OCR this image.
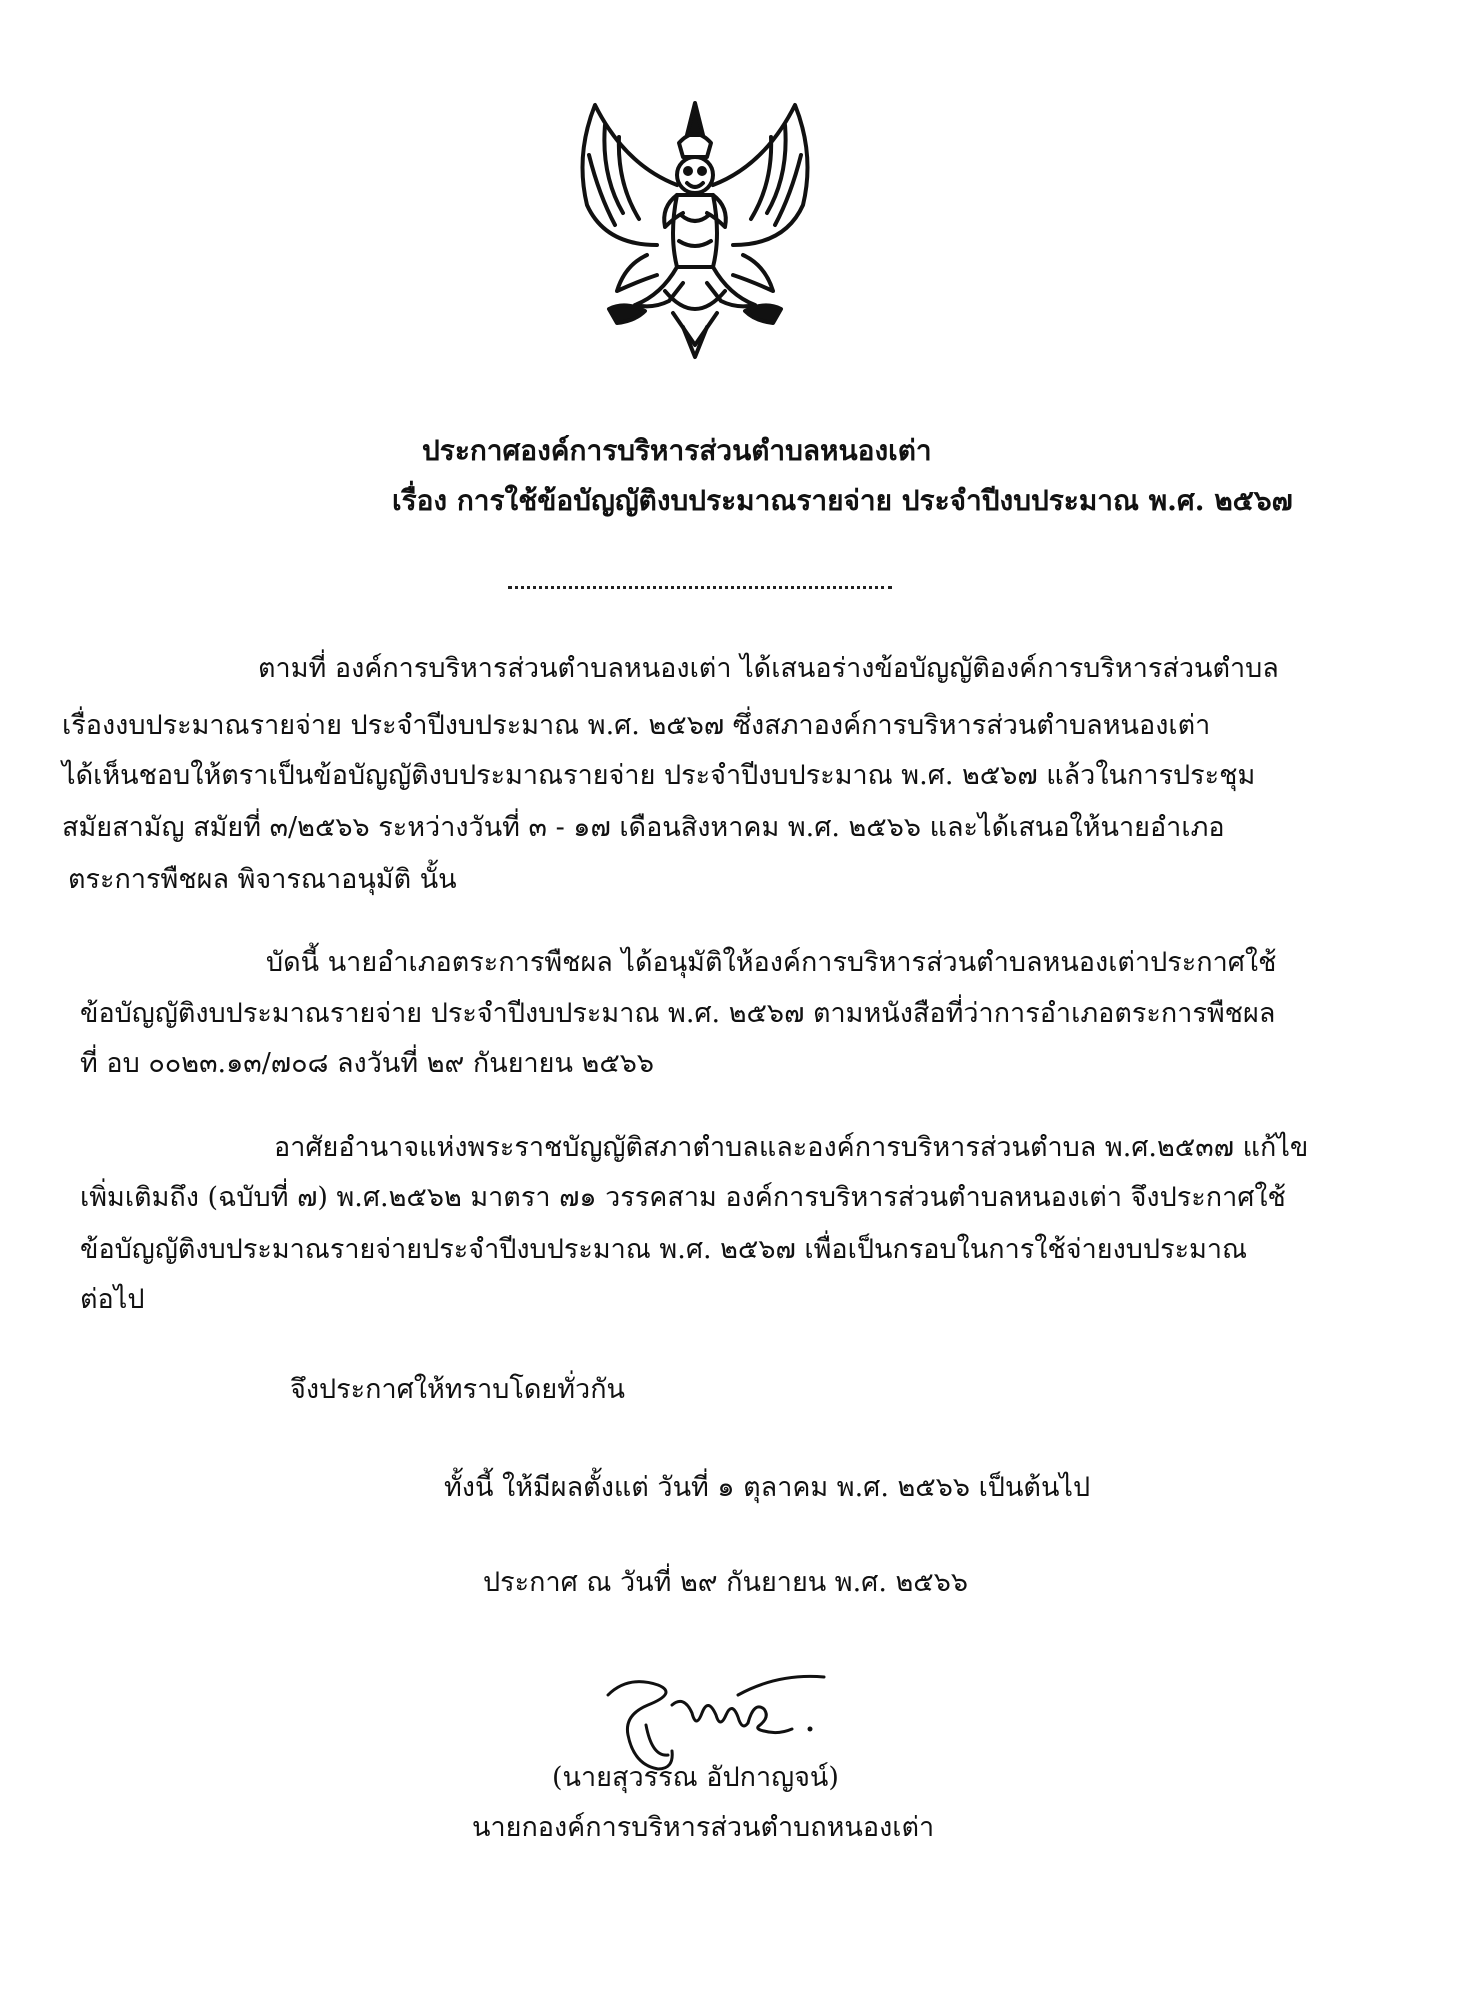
ประกาศองค์การบริหารส่วนตำบลหนองเต่า
เรื่อง การใช้ข้อบัญญัติงบประมาณรายจ่าย ประจำปีงบประมาณ พ.ศ. ๒๕๖๗
ตามที่ องค์การบริหารส่วนตำบลหนองเต่า ได้เสนอร่างข้อบัญญัติองค์การบริหารส่วนตำบล
เรื่องงบประมาณรายจ่าย ประจำปีงบประมาณ พ.ศ. ๒๕๖๗ ซึ่งสภาองค์การบริหารส่วนตำบลหนองเต่า
ได้เห็นชอบให้ตราเป็นข้อบัญญัติงบประมาณรายจ่าย ประจำปีงบประมาณ พ.ศ. ๒๕๖๗ แล้วในการประชุม
สมัยสามัญ สมัยที่ ๓/๒๕๖๖ ระหว่างวันที่ ๓ - ๑๗ เดือนสิงหาคม พ.ศ. ๒๕๖๖ และได้เสนอให้นายอำเภอ
ตระการพืชผล พิจารณาอนุมัติ นั้น
บัดนี้ นายอำเภอตระการพืชผล ได้อนุมัติให้องค์การบริหารส่วนตำบลหนองเต่าประกาศใช้
ข้อบัญญัติงบประมาณรายจ่าย ประจำปีงบประมาณ พ.ศ. ๒๕๖๗ ตามหนังสือที่ว่าการอำเภอตระการพืชผล
ที่ อบ ๐๐๒๓.๑๓/๗๐๘ ลงวันที่ ๒๙ กันยายน ๒๕๖๖
อาศัยอำนาจแห่งพระราชบัญญัติสภาตำบลและองค์การบริหารส่วนตำบล พ.ศ.๒๕๓๗ แก้ไข
เพิ่มเติมถึง (ฉบับที่ ๗) พ.ศ.๒๕๖๒ มาตรา ๗๑ วรรคสาม องค์การบริหารส่วนตำบลหนองเต่า จึงประกาศใช้
ข้อบัญญัติงบประมาณรายจ่ายประจำปีงบประมาณ พ.ศ. ๒๕๖๗ เพื่อเป็นกรอบในการใช้จ่ายงบประมาณ
ต่อไป
จึงประกาศให้ทราบโดยทั่วกัน
ทั้งนี้ ให้มีผลตั้งแต่ วันที่ ๑ ตุลาคม พ.ศ. ๒๕๖๖ เป็นต้นไป
ประกาศ ณ วันที่ ๒๙ กันยายน พ.ศ. ๒๕๖๖
(นายสุวรรณ อัปกาญจน์)
นายกองค์การบริหารส่วนตำบถหนองเต่า
